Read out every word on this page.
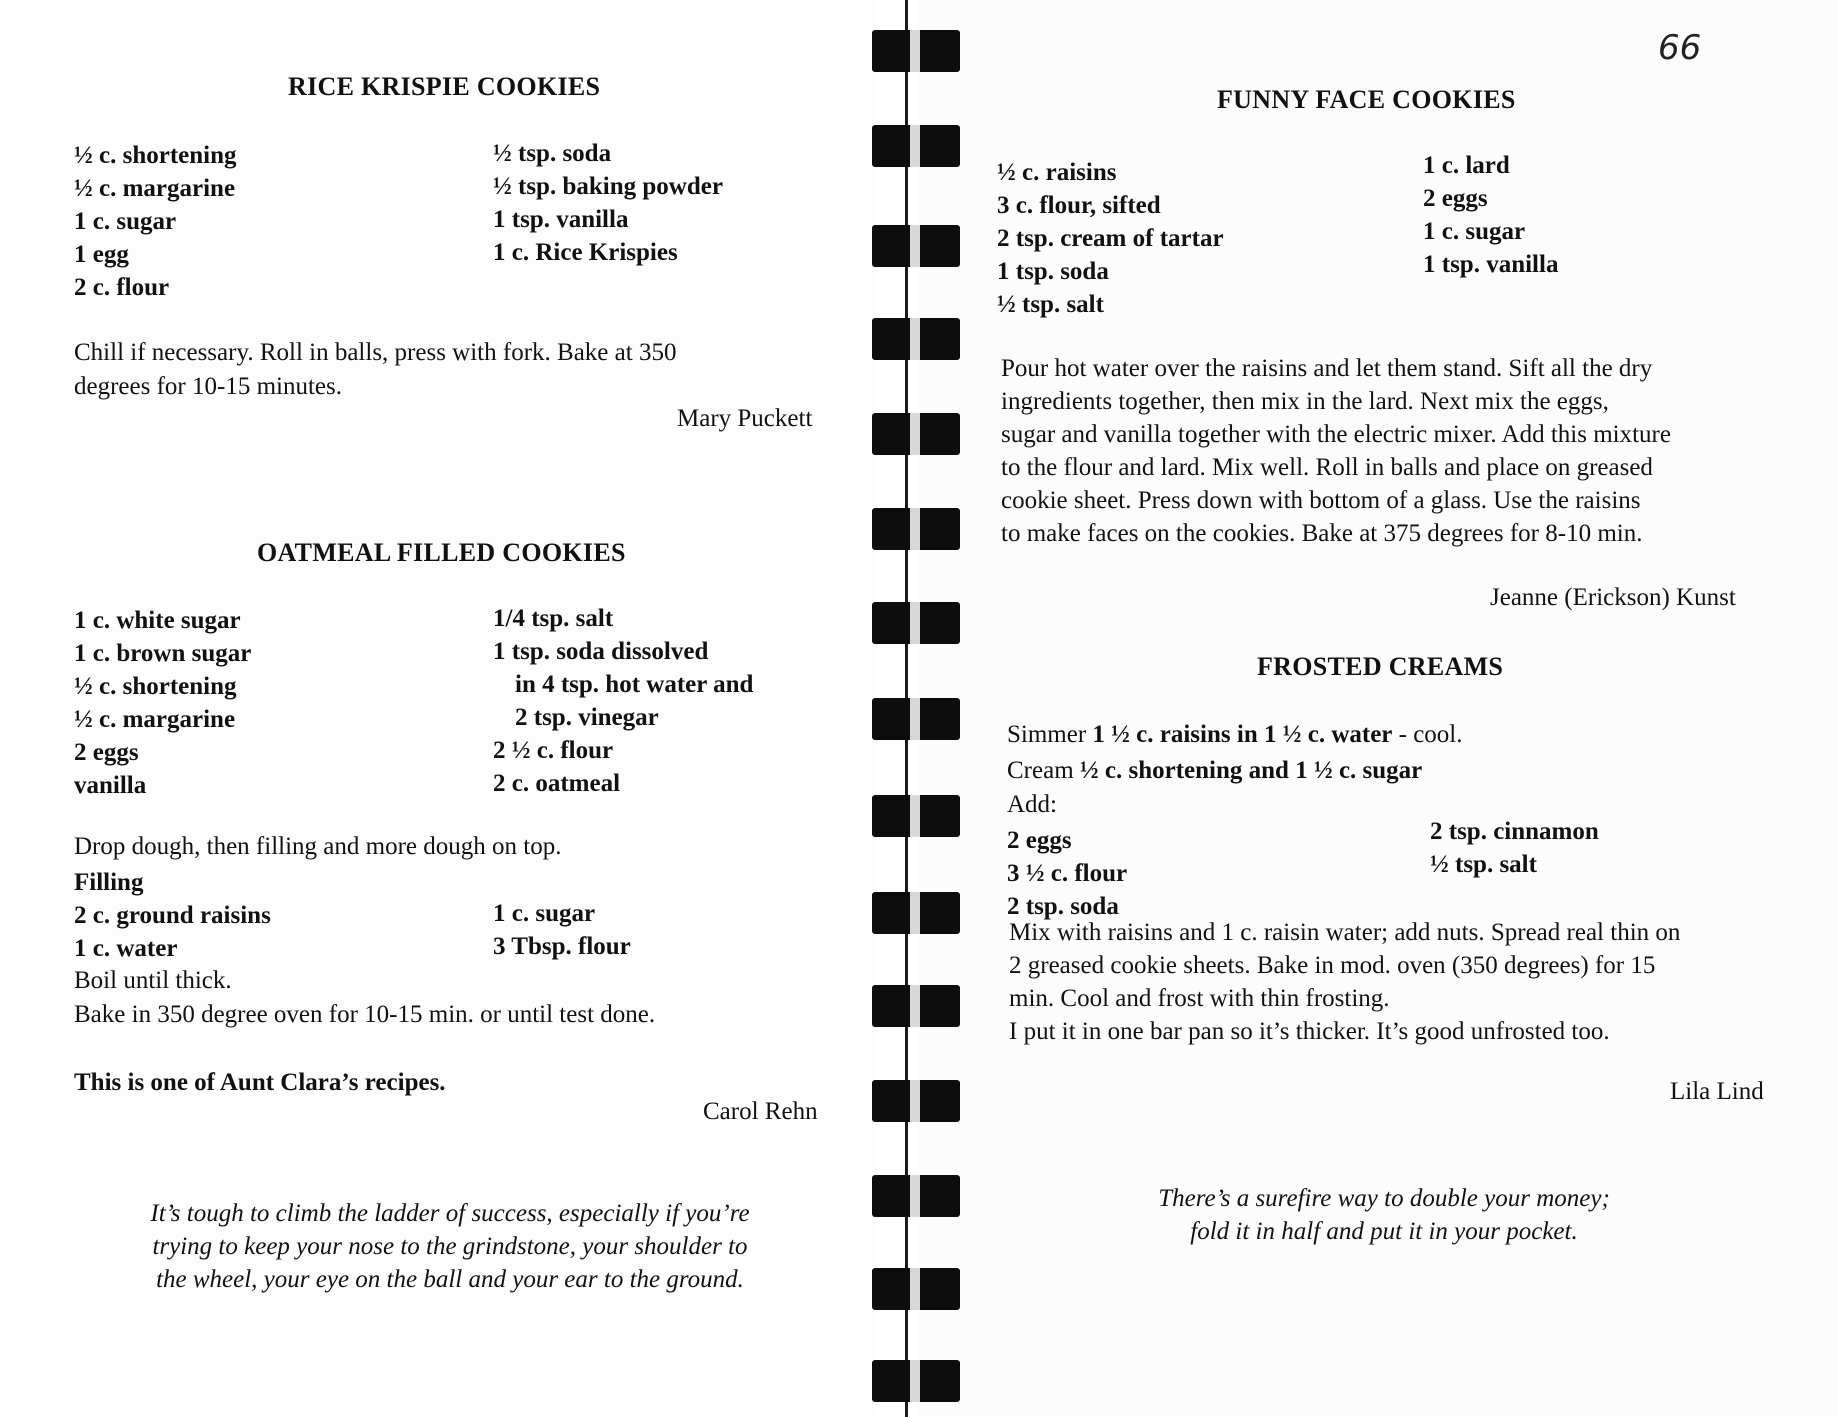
66
RICE KRISPIE COOKIES
½ c. shortening
½ c. margarine
1 c. sugar
1 egg
2 c. flour
½ tsp. soda
½ tsp. baking powder
1 tsp. vanilla
1 c. Rice Krispies
Chill if necessary. Roll in balls, press with fork. Bake at 350
degrees for 10-15 minutes.
Mary Puckett
OATMEAL FILLED COOKIES
1 c. white sugar
1 c. brown sugar
½ c. shortening
½ c. margarine
2 eggs
vanilla
1/4 tsp. salt
1 tsp. soda dissolved
in 4 tsp. hot water and
2 tsp. vinegar
2 ½ c. flour
2 c. oatmeal
Drop dough, then filling and more dough on top.
Filling
2 c. ground raisins
1 c. water
1 c. sugar
3 Tbsp. flour
Boil until thick.
Bake in 350 degree oven for 10-15 min. or until test done.
This is one of Aunt Clara’s recipes.
Carol Rehn
It’s tough to climb the ladder of success, especially if you’re
trying to keep your nose to the grindstone, your shoulder to
the wheel, your eye on the ball and your ear to the ground.
FUNNY FACE COOKIES
½ c. raisins
3 c. flour, sifted
2 tsp. cream of tartar
1 tsp. soda
½ tsp. salt
1 c. lard
2 eggs
1 c. sugar
1 tsp. vanilla
Pour hot water over the raisins and let them stand. Sift all the dry
ingredients together, then mix in the lard. Next mix the eggs,
sugar and vanilla together with the electric mixer. Add this mixture
to the flour and lard. Mix well. Roll in balls and place on greased
cookie sheet. Press down with bottom of a glass. Use the raisins
to make faces on the cookies. Bake at 375 degrees for 8-10 min.
Jeanne (Erickson) Kunst
FROSTED CREAMS
Simmer 1 ½ c. raisins in 1 ½ c. water - cool.
Cream ½ c. shortening and 1 ½ c. sugar
Add:
2 eggs
3 ½ c. flour
2 tsp. soda
2 tsp. cinnamon
½ tsp. salt
Mix with raisins and 1 c. raisin water; add nuts. Spread real thin on
2 greased cookie sheets. Bake in mod. oven (350 degrees) for 15
min. Cool and frost with thin frosting.
I put it in one bar pan so it’s thicker. It’s good unfrosted too.
Lila Lind
There’s a surefire way to double your money;
fold it in half and put it in your pocket.
